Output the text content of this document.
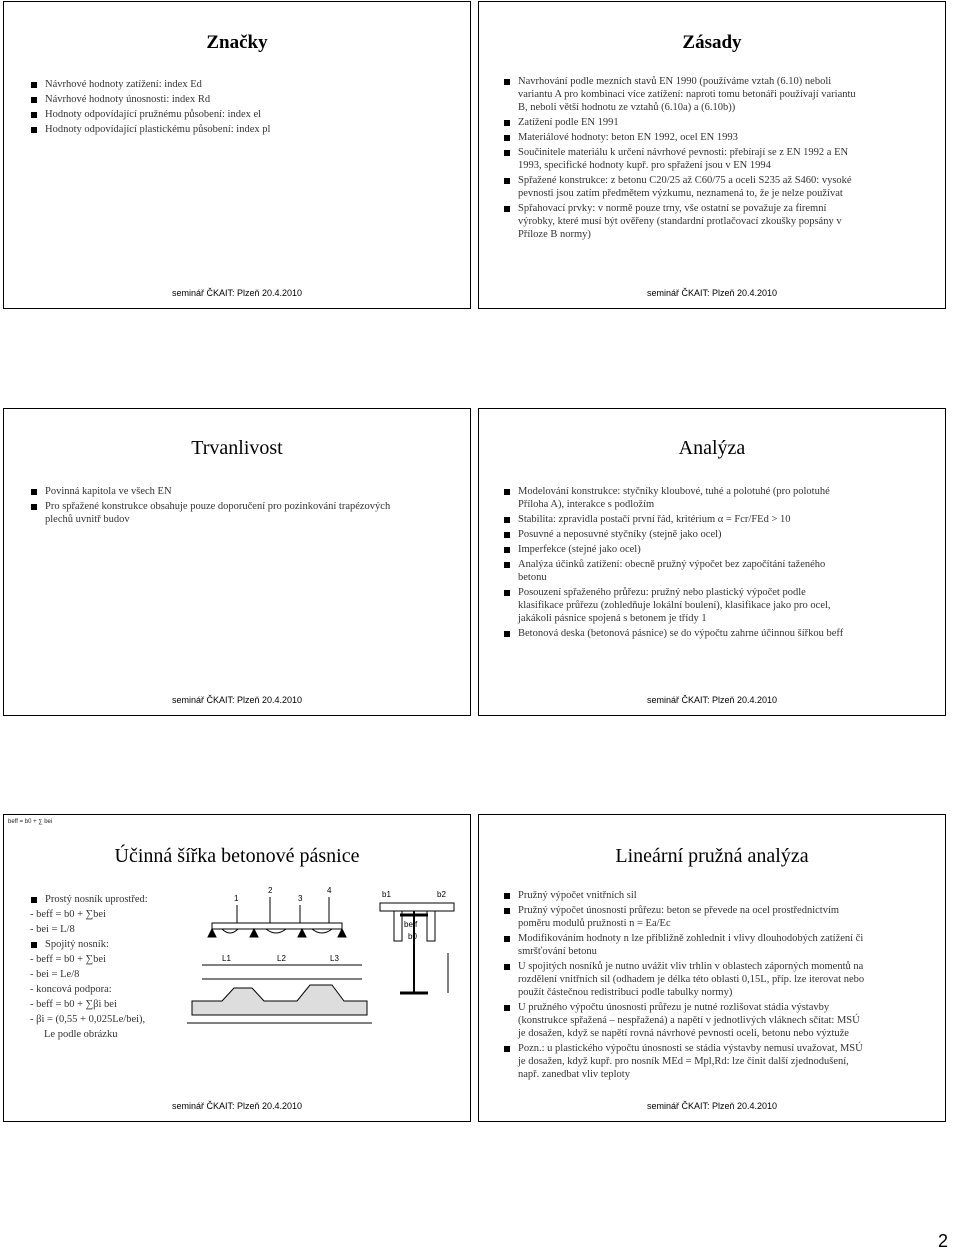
Značky
Návrhové hodnoty zatížení: index Ed
Návrhové hodnoty únosnosti: index Rd
Hodnoty odpovídající pružnému působení: index el
Hodnoty odpovídající plastickému působení: index pl
seminář ČKAIT: Plzeň 20.4.2010
Zásady
Navrhování podle mezních stavů EN 1990 (používáme vztah (6.10) neboli variantu A pro kombinaci více zatížení: naproti tomu betonáři používají variantu B, neboli větší hodnotu ze vztahů (6.10a) a (6.10b))
Zatížení podle EN 1991
Materiálové hodnoty: beton EN 1992, ocel EN 1993
Součinitele materiálu k určení návrhové pevnosti: přebírají se z EN 1992 a EN 1993, specifické hodnoty kupř. pro spřažení jsou v EN 1994
Spřažené konstrukce: z betonu C20/25 až C60/75 a oceli S235 až S460: vysoké pevnosti jsou zatím předmětem výzkumu, neznamená to, že je nelze používat
Spřahovací prvky: v normě pouze trny, vše ostatní se považuje za firemní výrobky, které musí být ověřeny (standardní protlačovací zkoušky popsány v Příloze B normy)
seminář ČKAIT: Plzeň 20.4.2010
Trvanlivost
Povinná kapitola ve všech EN
Pro spřažené konstrukce obsahuje pouze doporučení pro pozinkování trapézových plechů uvnitř budov
seminář ČKAIT: Plzeň 20.4.2010
Analýza
Modelování konstrukce: styčníky kloubové, tuhé a polotuhé (pro polotuhé Příloha A), interakce s podložím
Stabilita: zpravidla postačí první řád, kritérium α = Fcr/FEd > 10
Posuvné a neposuvné styčníky (stejně jako ocel)
Imperfekce (stejné jako ocel)
Analýza účinků zatížení: obecně pružný výpočet bez započítání taženého betonu
Posouzení spřaženého průřezu: pružný nebo plastický výpočet podle klasifikace průřezu (zohledňuje lokální boulení), klasifikace jako pro ocel, jakákoli pásnice spojená s betonem je třídy 1
Betonová deska (betonová pásnice) se do výpočtu zahrne účinnou šířkou beff
seminář ČKAIT: Plzeň 20.4.2010
beff = b0 + ∑ bei
Účinná šířka betonové pásnice
Prostý nosník uprostřed:
- beff = b0 + ∑bei
- bei = L/8
Spojitý nosník:
- beff = b0 + ∑bei
- bei = Le/8
- koncová podpora:
- beff = b0 + ∑βi bei
- βi = (0,55 + 0,025Le/bei),
Le podle obrázku
1
2
3
4
L1	L2	L3
b1	b2
beff
b0
seminář ČKAIT: Plzeň 20.4.2010
Lineární pružná analýza
Pružný výpočet vnitřních sil
Pružný výpočet únosnosti průřezu: beton se převede na ocel prostřednictvím poměru modulů pružnosti n = Ea/Ec
Modifikováním hodnoty n lze přibližně zohlednit i vlivy dlouhodobých zatížení či smršťování betonu
U spojitých nosníků je nutno uvážit vliv trhlin v oblastech záporných momentů na rozdělení vnitřních sil (odhadem je délka této oblasti 0,15L, příp. lze iterovat nebo použít částečnou redistribuci podle tabulky normy)
U pružného výpočtu únosnosti průřezu je nutné rozlišovat stádia výstavby (konstrukce spřažená – nespřažená) a napětí v jednotlivých vláknech sčítat: MSÚ je dosažen, když se napětí rovná návrhové pevnosti oceli, betonu nebo výztuže
Pozn.: u plastického výpočtu únosnosti se stádia výstavby nemusí uvažovat, MSÚ je dosažen, když kupř. pro nosník MEd = Mpl,Rd: lze činit další zjednodušení, např. zanedbat vliv teploty
seminář ČKAIT: Plzeň 20.4.2010
2
